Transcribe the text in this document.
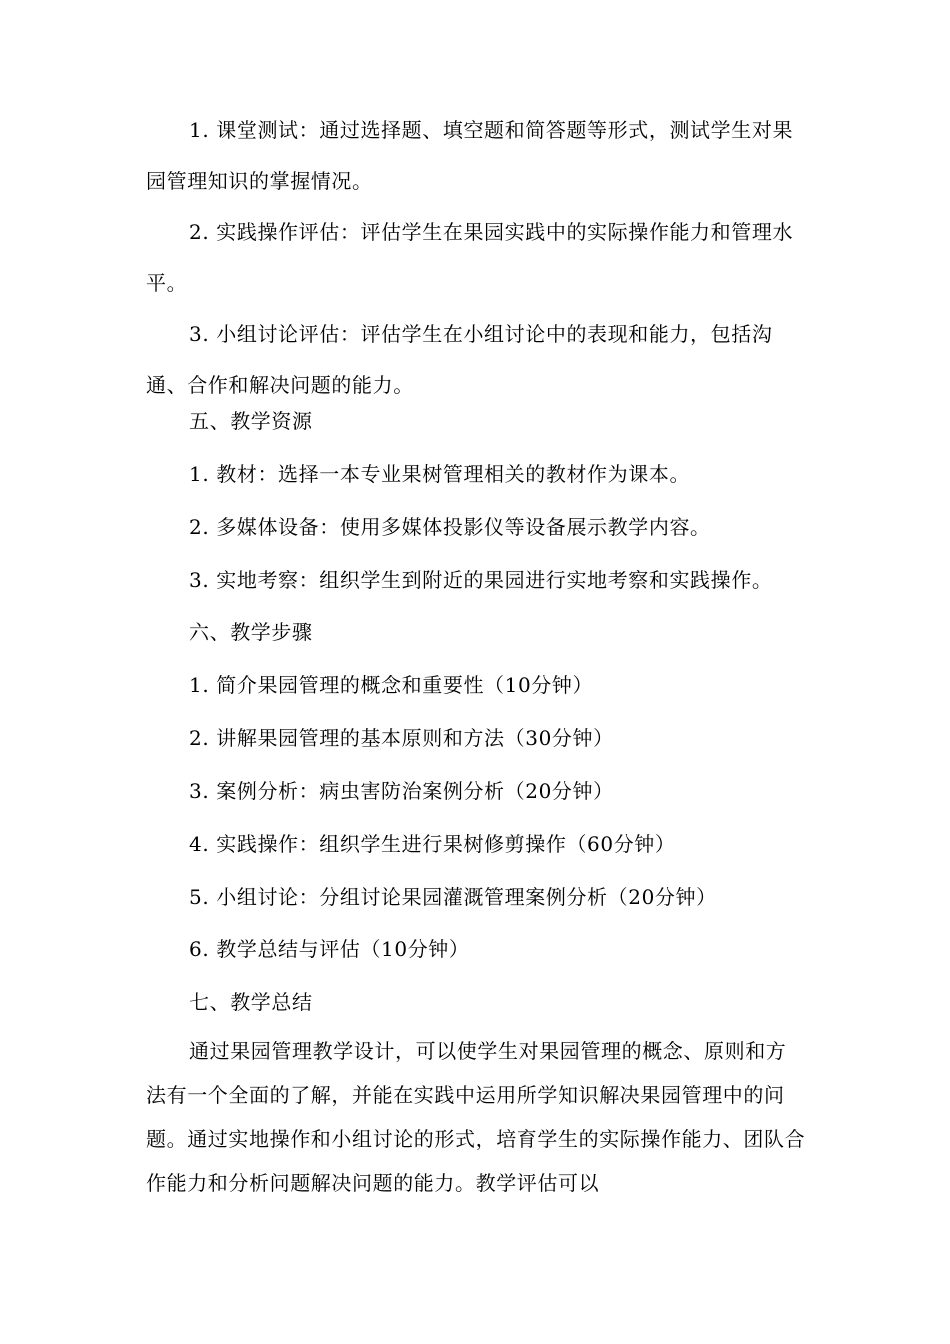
1. 课堂测试：通过选择题、填空题和简答题等形式，测试学生对果园管理知识的掌握情况。

2. 实践操作评估：评估学生在果园实践中的实际操作能力和管理水平。

3. 小组讨论评估：评估学生在小组讨论中的表现和能力，包括沟通、合作和解决问题的能力。

五、教学资源

1. 教材：选择一本专业果树管理相关的教材作为课本。

2. 多媒体设备：使用多媒体投影仪等设备展示教学内容。

3. 实地考察：组织学生到附近的果园进行实地考察和实践操作。

六、教学步骤

1. 简介果园管理的概念和重要性（10分钟）

2. 讲解果园管理的基本原则和方法（30分钟）

3. 案例分析：病虫害防治案例分析（20分钟）

4. 实践操作：组织学生进行果树修剪操作（60分钟）

5. 小组讨论：分组讨论果园灌溉管理案例分析（20分钟）

6. 教学总结与评估（10分钟）

七、教学总结

通过果园管理教学设计，可以使学生对果园管理的概念、原则和方法有一个全面的了解，并能在实践中运用所学知识解决果园管理中的问题。通过实地操作和小组讨论的形式，培育学生的实际操作能力、团队合作能力和分析问题解决问题的能力。教学评估可以
